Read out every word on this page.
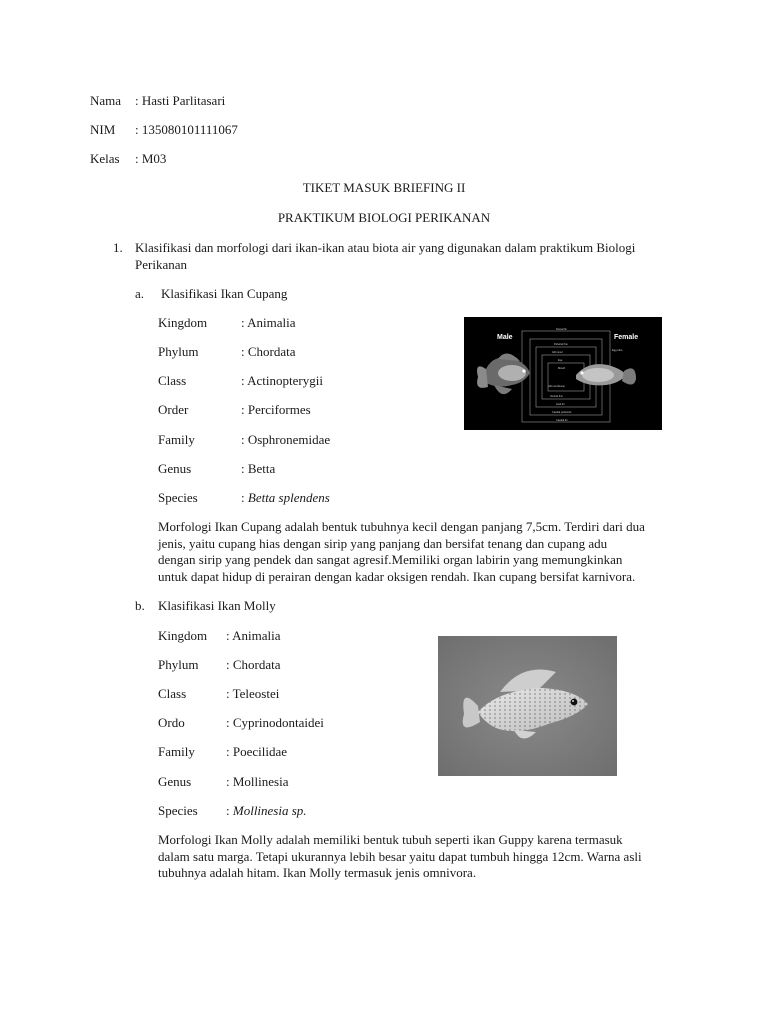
Nama : Hasti Parlitasari
NIM : 135080101111067
Kelas : M03
TIKET MASUK BRIEFING II
PRAKTIKUM BIOLOGI PERIKANAN
1. Klasifikasi dan morfologi dari ikan-ikan atau biota air yang digunakan dalam praktikum Biologi
Perikanan
a. Klasifikasi Ikan Cupang
Kingdom	: Animalia
Phylum	: Chordata
Class	: Actinopterygii
Order	: Perciformes
Family	: Osphronemidae
Genus	: Betta
Species	: Betta splendens
Male	Female
Dorsal fin
Pelvical fins
Gill cover
Eye
Mouth
Gill membrane
Ventral fins
Anal fin
Caudal peduncle
Caudal fin
Egg tube
Morfologi Ikan Cupang adalah bentuk tubuhnya kecil dengan panjang 7,5cm. Terdiri dari dua
jenis, yaitu cupang hias dengan sirip yang panjang dan bersifat tenang dan cupang adu
dengan sirip yang pendek dan sangat agresif.Memiliki organ labirin yang memungkinkan
untuk dapat hidup di perairan dengan kadar oksigen rendah. Ikan cupang bersifat karnivora.
b. Klasifikasi Ikan Molly
Kingdom : Animalia
Phylum : Chordata
Class	: Teleostei
Ordo	: Cyprinodontaidei
Family : Poecilidae
Genus	: Mollinesia
Species : Mollinesia sp.
Morfologi Ikan Molly adalah memiliki bentuk tubuh seperti ikan Guppy karena termasuk
dalam satu marga. Tetapi ukurannya lebih besar yaitu dapat tumbuh hingga 12cm. Warna asli
tubuhnya adalah hitam. Ikan Molly termasuk jenis omnivora.
